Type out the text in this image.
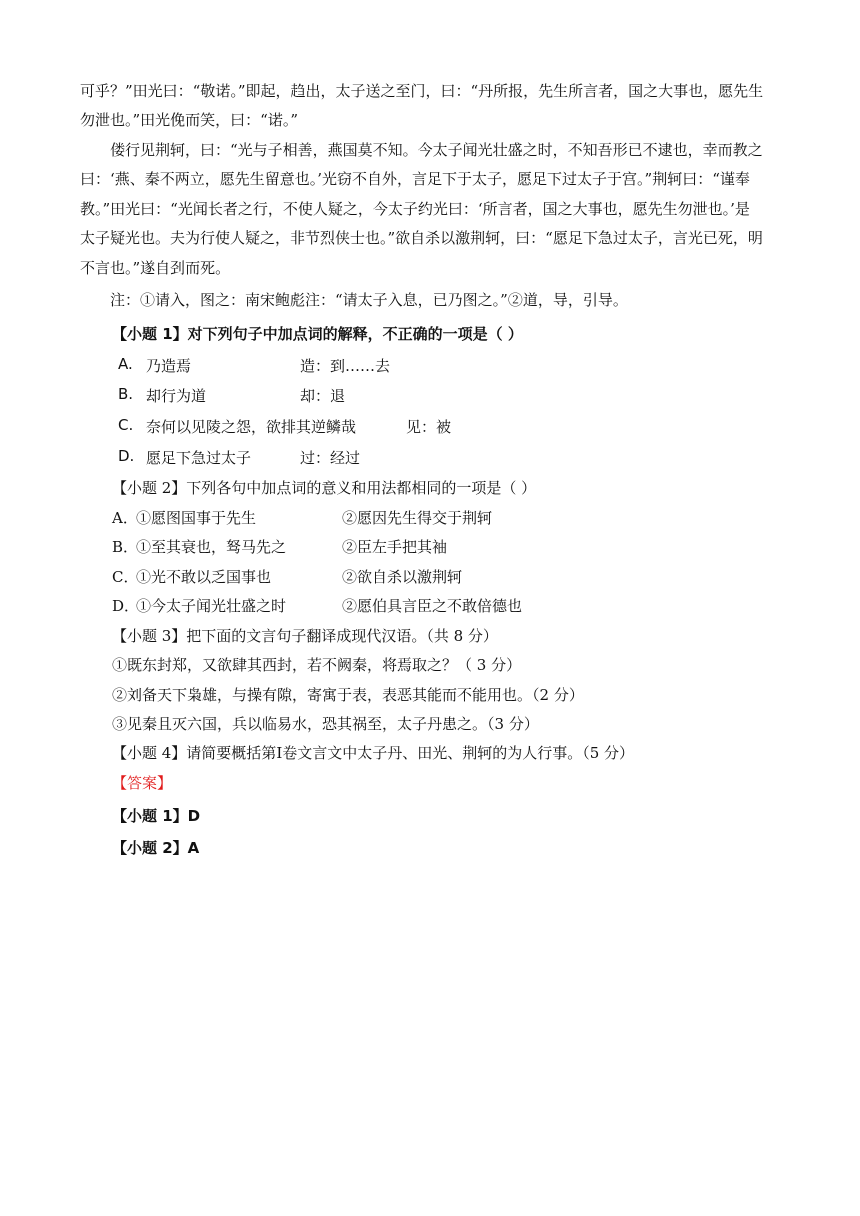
可乎？”田光曰：“敬诺。”即起，趋出，太子送之至门，曰：“丹所报，先生所言者，国之大事也，愿先生
勿泄也。”田光俛而笑，曰：“诺。”
偻行见荆轲，曰：“光与子相善，燕国莫不知。今太子闻光壮盛之时，不知吾形已不逮也，幸而教之
曰：‘燕、秦不两立，愿先生留意也。’光窃不自外，言足下于太子，愿足下过太子于宫。”荆轲曰：“谨奉
教。”田光曰：“光闻长者之行，不使人疑之，今太子约光曰：‘所言者，国之大事也，愿先生勿泄也。’是
太子疑光也。夫为行使人疑之，非节烈侠士也。”欲自杀以激荆轲，曰：“愿足下急过太子，言光已死，明
不言也。”遂自刭而死。
注：①请入，图之：南宋鲍彪注：“请太子入息，已乃图之。”②道，导，引导。
【小题 1】对下列句子中加点词的解释，不正确的一项是（ ）
A. 乃造焉	造：到……去
B. 却行为道	却：退
C. 奈何以见陵之怨，欲排其逆鳞哉	见：被
D. 愿足下急过太子	过：经过
【小题 2】下列各句中加点词的意义和用法都相同的一项是（ ）
A．
①愿图国事于先生	②愿因先生得交于荆轲
B．
①至其衰也，驽马先之	②臣左手把其袖
C．
①光不敢以乏国事也	②欲自杀以激荆轲
D．
①今太子闻光壮盛之时	②愿伯具言臣之不敢倍德也
【小题 3】把下面的文言句子翻译成现代汉语。（共 8 分）
①既东封郑，又欲肆其西封，若不阙秦，将焉取之？（ 3 分）
②刘备天下枭雄，与操有隙，寄寓于表，表恶其能而不能用也。（2 分）
③见秦且灭六国，兵以临易水，恐其祸至，太子丹患之。（3 分）
【小题 4】请简要概括第Ⅰ卷文言文中太子丹、田光、荆轲的为人行事。（5 分）
【答案】
【小题 1】D
【小题 2】A
